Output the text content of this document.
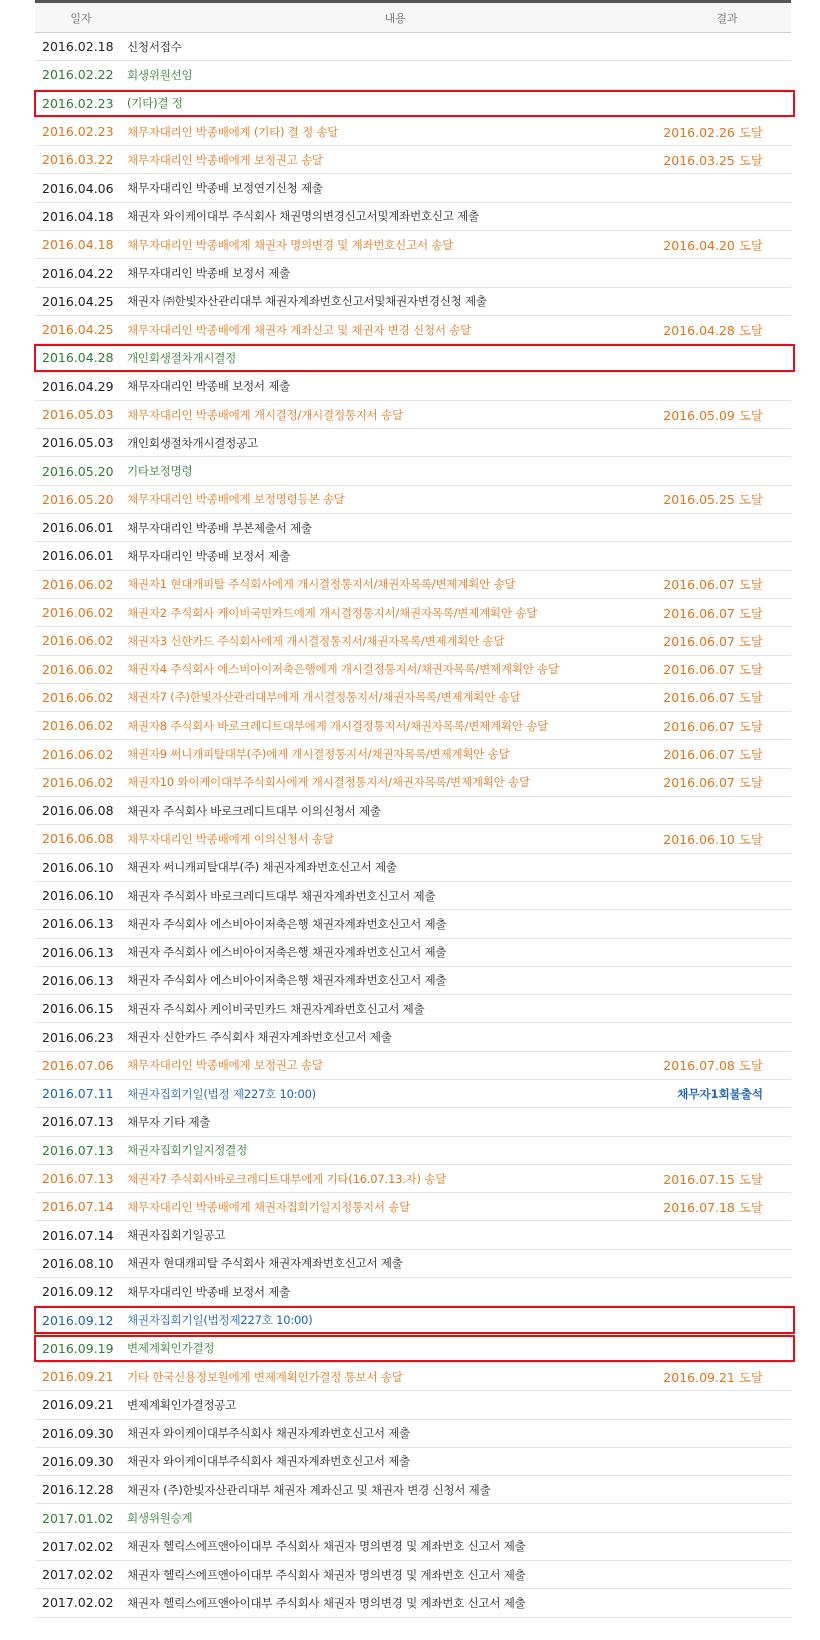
일자	내용	결과
2016.02.18	신청서접수
2016.02.22	회생위원선임
2016.02.23	(기타)결 정
2016.02.23	채무자대리인 박종배에게 (기타) 결 정 송달	2016.02.26 도달
2016.03.22	채무자대리인 박종배에게 보정권고 송달	2016.03.25 도달
2016.04.06	채무자대리인 박종배 보정연기신청 제출
2016.04.18	채권자 와이케이대부 주식회사 채권명의변경신고서및계좌번호신고 제출
2016.04.18	채무자대리인 박종배에게 채권자 명의변경 및 계좌번호신고서 송달	2016.04.20 도달
2016.04.22	채무자대리인 박종배 보정서 제출
2016.04.25	채권자 ㈜한빛자산관리대부 채권자계좌번호신고서및채권자변경신청 제출
2016.04.25	채무자대리인 박종배에게 채권자 계좌신고 및 채권자 변경 신청서 송달	2016.04.28 도달
2016.04.28	개인회생절차개시결정
2016.04.29	채무자대리인 박종배 보정서 제출
2016.05.03	채무자대리인 박종배에게 개시결정/개시결정통지서 송달	2016.05.09 도달
2016.05.03	개인회생절차개시결정공고
2016.05.20	기타보정명령
2016.05.20	채무자대리인 박종배에게 보정명령등본 송달	2016.05.25 도달
2016.06.01	채무자대리인 박종배 부본제출서 제출
2016.06.01	채무자대리인 박종배 보정서 제출
2016.06.02	채권자1 현대캐피탈 주식회사에게 개시결정통지서/채권자목록/변제계획안 송달	2016.06.07 도달
2016.06.02	채권자2 주식회사 케이비국민카드에게 개시결정통지서/채권자목록/변제계획안 송달	2016.06.07 도달
2016.06.02	채권자3 신한카드 주식회사에게 개시결정통지서/채권자목록/변제계획안 송달	2016.06.07 도달
2016.06.02	채권자4 주식회사 에스비아이저축은행에게 개시결정통지서/채권자목록/변제계획안 송달	2016.06.07 도달
2016.06.02	채권자7 (주)한빛자산관리대부에게 개시결정통지서/채권자목록/변제계획안 송달	2016.06.07 도달
2016.06.02	채권자8 주식회사 바로크레디트대부에게 개시결정통지서/채권자목록/변제계획안 송달	2016.06.07 도달
2016.06.02	채권자9 써니캐피탈대부(주)에게 개시결정통지서/채권자목록/변제계획안 송달	2016.06.07 도달
2016.06.02	채권자10 와이케이대부주식회사에게 개시결정통지서/채권자목록/변제계획안 송달	2016.06.07 도달
2016.06.08	채권자 주식회사 바로크레디트대부 이의신청서 제출
2016.06.08	채무자대리인 박종배에게 이의신청서 송달	2016.06.10 도달
2016.06.10	채권자 써니캐피탈대부(주) 채권자계좌번호신고서 제출
2016.06.10	채권자 주식회사 바로크레디트대부 채권자계좌번호신고서 제출
2016.06.13	채권자 주식회사 에스비아이저축은행 채권자계좌번호신고서 제출
2016.06.13	채권자 주식회사 에스비아이저축은행 채권자계좌번호신고서 제출
2016.06.13	채권자 주식회사 에스비아이저축은행 채권자계좌번호신고서 제출
2016.06.15	채권자 주식회사 케이비국민카드 채권자계좌번호신고서 제출
2016.06.23	채권자 신한카드 주식회사 채권자계좌번호신고서 제출
2016.07.06	채무자대리인 박종배에게 보정권고 송달	2016.07.08 도달
2016.07.11	채권자집회기일(법정 제227호 10:00)	채무자1회불출석
2016.07.13	채무자 기타 제출
2016.07.13	채권자집회기일지정결정
2016.07.13	채권자7 주식회사바로크레디트대부에게 기타(16.07.13.자) 송달	2016.07.15 도달
2016.07.14	채무자대리인 박종배에게 채권자집회기일지정통지서 송달	2016.07.18 도달
2016.07.14	채권자집회기일공고
2016.08.10	채권자 현대캐피탈 주식회사 채권자계좌번호신고서 제출
2016.09.12	채무자대리인 박종배 보정서 제출
2016.09.12	채권자집회기일(법정제227호 10:00)
2016.09.19	변제계획인가결정
2016.09.21	기타 한국신용정보원에게 변제계획인가결정 통보서 송달	2016.09.21 도달
2016.09.21	변제계획인가결정공고
2016.09.30	채권자 와이케이대부주식회사 채권자계좌번호신고서 제출
2016.09.30	채권자 와이케이대부주식회사 채권자계좌번호신고서 제출
2016.12.28	채권자 (주)한빛자산관리대부 채권자 계좌신고 및 채권자 변경 신청서 제출
2017.01.02	회생위원승계
2017.02.02	채권자 헬릭스에프앤아이대부 주식회사 채권자 명의변경 및 계좌번호 신고서 제출
2017.02.02	채권자 헬릭스에프앤아이대부 주식회사 채권자 명의변경 및 계좌번호 신고서 제출
2017.02.02	채권자 헬릭스에프앤아이대부 주식회사 채권자 명의변경 및 계좌번호 신고서 제출
